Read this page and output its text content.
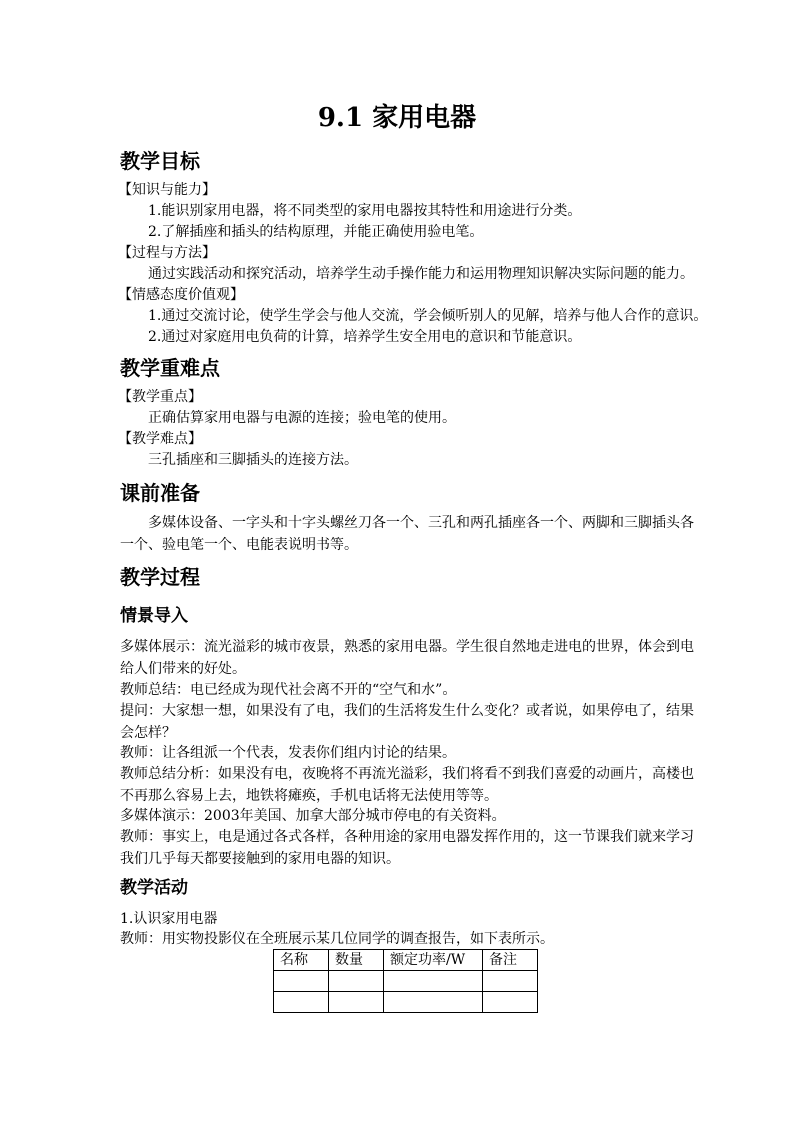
9.1 家用电器
教学目标
【知识与能力】
1.能识别家用电器，将不同类型的家用电器按其特性和用途进行分类。
2.了解插座和插头的结构原理，并能正确使用验电笔。
【过程与方法】
通过实践活动和探究活动，培养学生动手操作能力和运用物理知识解决实际问题的能力。
【情感态度价值观】
1.通过交流讨论，使学生学会与他人交流，学会倾听别人的见解，培养与他人合作的意识。
2.通过对家庭用电负荷的计算，培养学生安全用电的意识和节能意识。
教学重难点
【教学重点】
正确估算家用电器与电源的连接；验电笔的使用。
【教学难点】
三孔插座和三脚插头的连接方法。
课前准备
多媒体设备、一字头和十字头螺丝刀各一个、三孔和两孔插座各一个、两脚和三脚插头各一个、验电笔一个、电能表说明书等。
教学过程
情景导入
多媒体展示：流光溢彩的城市夜景，熟悉的家用电器。学生很自然地走进电的世界，体会到电给人们带来的好处。
教师总结：电已经成为现代社会离不开的“空气和水”。
提问：大家想一想，如果没有了电，我们的生活将发生什么变化？或者说，如果停电了，结果会怎样？
教师：让各组派一个代表，发表你们组内讨论的结果。
教师总结分析：如果没有电，夜晚将不再流光溢彩，我们将看不到我们喜爱的动画片，高楼也不再那么容易上去，地铁将瘫痪，手机电话将无法使用等等。
多媒体演示：2003年美国、加拿大部分城市停电的有关资料。
教师：事实上，电是通过各式各样，各种用途的家用电器发挥作用的，这一节课我们就来学习我们几乎每天都要接触到的家用电器的知识。
教学活动
1.认识家用电器
教师：用实物投影仪在全班展示某几位同学的调查报告，如下表所示。
名称	数量	额定功率/W	备注
